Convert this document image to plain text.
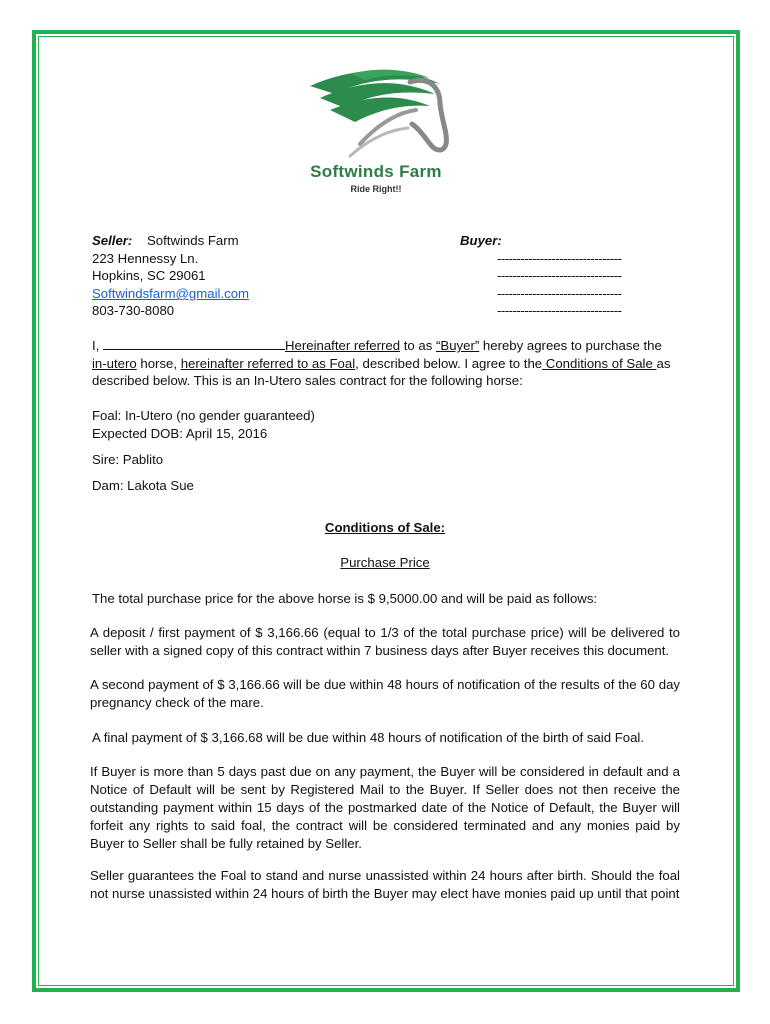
Softwinds Farm
Ride Right!!
Seller: Softwinds Farm
223 Hennessy Ln.
Hopkins, SC 29061
Softwindsfarm@gmail.com
803-730-8080
Buyer:
--------------------------------
--------------------------------
--------------------------------
--------------------------------
I,	Hereinafter referred to as “Buyer” hereby agrees to purchase the
in-utero horse, hereinafter referred to as Foal, described below. I agree to the Conditions of Sale as
described below. This is an In-Utero sales contract for the following horse:
Foal: In-Utero (no gender guaranteed)
Expected DOB: April 15, 2016
Sire: Pablito
Dam: Lakota Sue
Conditions of Sale:
Purchase Price
The total purchase price for the above horse is $ 9,5000.00 and will be paid as follows:
A deposit / first payment of $ 3,166.66 (equal to 1/3 of the total purchase price) will be delivered to seller with a signed copy of this contract within 7 business days after Buyer receives this document.
A second payment of $ 3,166.66 will be due within 48 hours of notification of the results of the 60 day pregnancy check of the mare.
A final payment of $ 3,166.68 will be due within 48 hours of notification of the birth of said Foal.
If Buyer is more than 5 days past due on any payment, the Buyer will be considered in default and a Notice of Default will be sent by Registered Mail to the Buyer. If Seller does not then receive the outstanding payment within 15 days of the postmarked date of the Notice of Default, the Buyer will forfeit any rights to said foal, the contract will be considered terminated and any monies paid by Buyer to Seller shall be fully retained by Seller.
Seller guarantees the Foal to stand and nurse unassisted within 24 hours after birth. Should the foal not nurse unassisted within 24 hours of birth the Buyer may elect have monies paid up until that point
